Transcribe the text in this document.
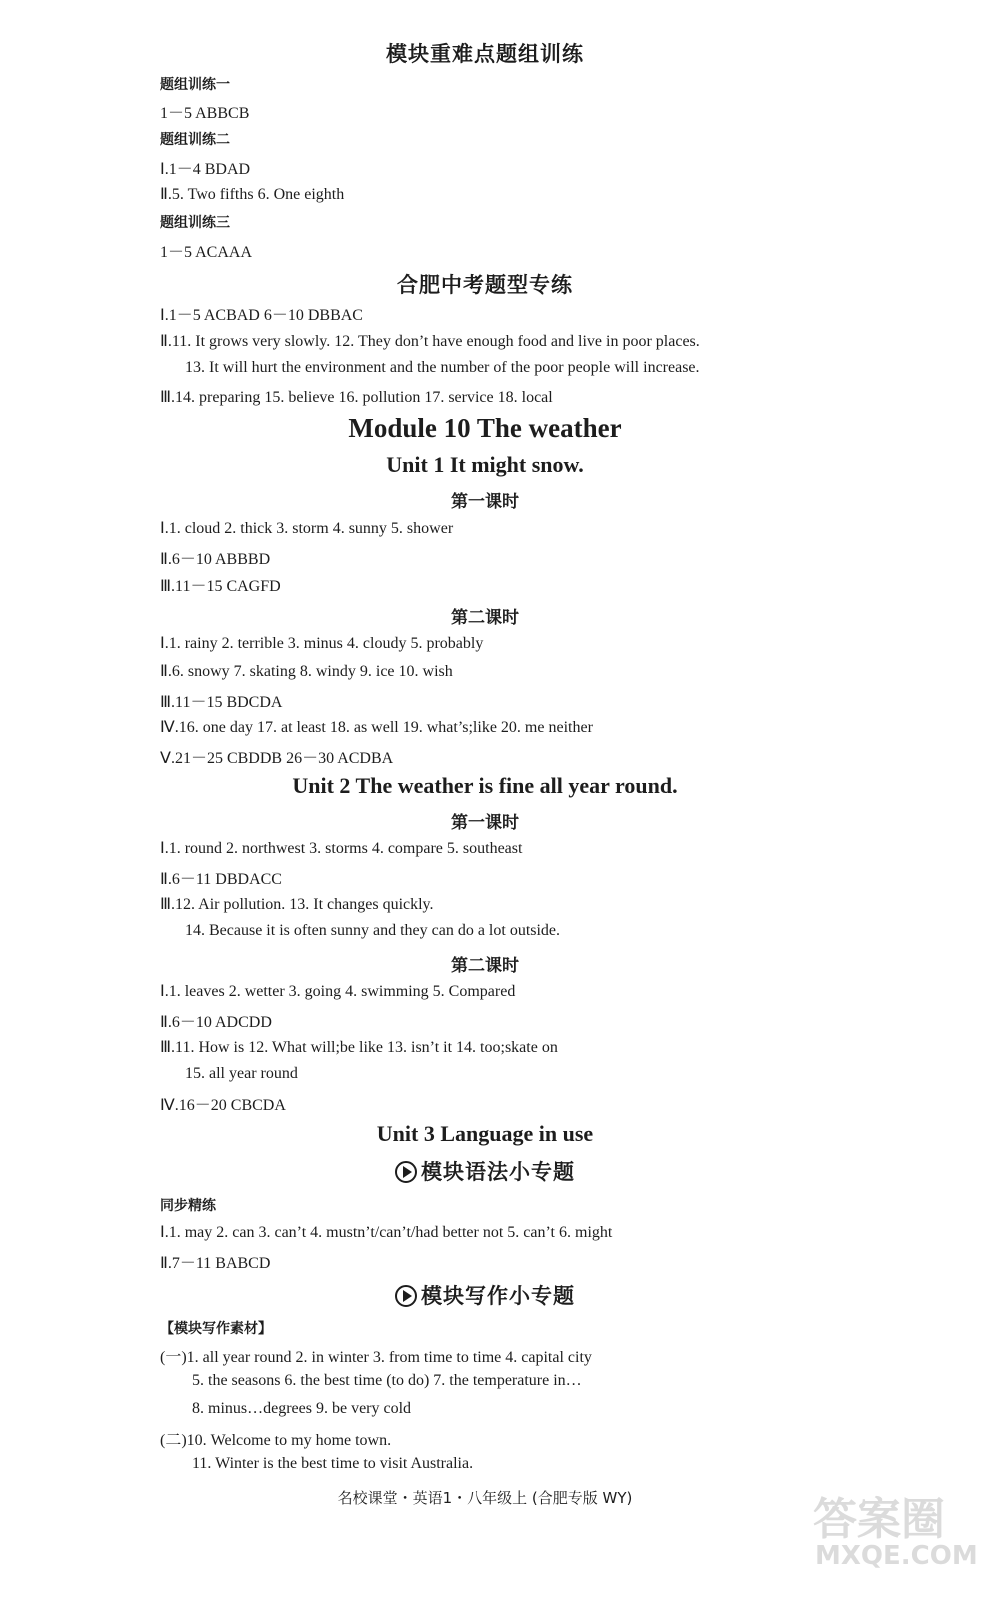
模块重难点题组训练
题组训练一
1－5 ABBCB
题组训练二
Ⅰ.1－4 BDAD
Ⅱ.5. Two fifths 6. One eighth
题组训练三
1－5 ACAAA
合肥中考题型专练
Ⅰ.1－5 ACBAD 6－10 DBBAC
Ⅱ.11. It grows very slowly. 12. They don’t have enough food and live in poor places.
13. It will hurt the environment and the number of the poor people will increase.
Ⅲ.14. preparing 15. believe 16. pollution 17. service 18. local
Module 10 The weather
Unit 1 It might snow.
第一课时
Ⅰ.1. cloud 2. thick 3. storm 4. sunny 5. shower
Ⅱ.6－10 ABBBD
Ⅲ.11－15 CAGFD
第二课时
Ⅰ.1. rainy 2. terrible 3. minus 4. cloudy 5. probably
Ⅱ.6. snowy 7. skating 8. windy 9. ice 10. wish
Ⅲ.11－15 BDCDA
Ⅳ.16. one day 17. at least 18. as well 19. what’s;like 20. me neither
Ⅴ.21－25 CBDDB 26－30 ACDBA
Unit 2 The weather is fine all year round.
第一课时
Ⅰ.1. round 2. northwest 3. storms 4. compare 5. southeast
Ⅱ.6－11 DBDACC
Ⅲ.12. Air pollution. 13. It changes quickly.
14. Because it is often sunny and they can do a lot outside.
第二课时
Ⅰ.1. leaves 2. wetter 3. going 4. swimming 5. Compared
Ⅱ.6－10 ADCDD
Ⅲ.11. How is 12. What will;be like 13. isn’t it 14. too;skate on
15. all year round
Ⅳ.16－20 CBCDA
Unit 3 Language in use
模块语法小专题
同步精练
Ⅰ.1. may 2. can 3. can’t 4. mustn’t/can’t/had better not 5. can’t 6. might
Ⅱ.7－11 BABCD
模块写作小专题
【模块写作素材】
(一)1. all year round 2. in winter 3. from time to time 4. capital city
5. the seasons 6. the best time (to do) 7. the temperature in…
8. minus…degrees 9. be very cold
(二)10. Welcome to my home town.
11. Winter is the best time to visit Australia.
名校课堂・英语1・八年级上 (合肥专版 WY)	答案圈
MXQE.COM
